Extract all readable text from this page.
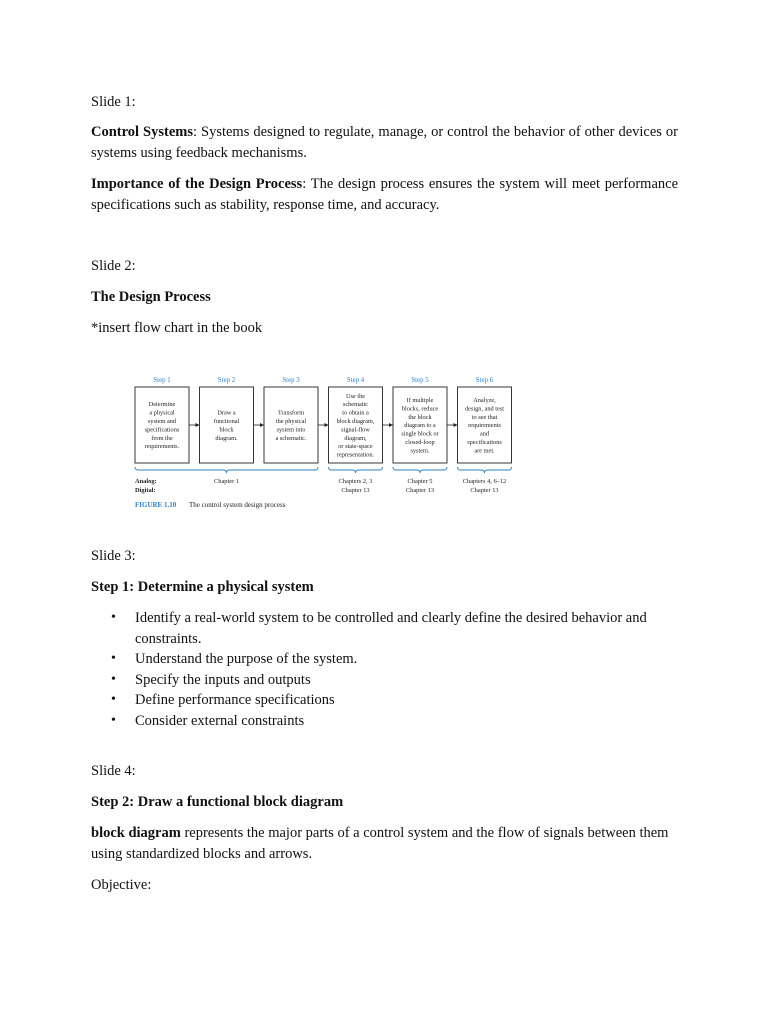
Slide 1:
Control Systems: Systems designed to regulate, manage, or control the behavior of other devices or systems using feedback mechanisms.
Importance of the Design Process: The design process ensures the system will meet performance specifications such as stability, response time, and accuracy.
Slide 2:
The Design Process
*insert flow chart in the book
Step 1
Determine
a physical
system and
specifications
from the
requirements.
Step 2
Draw a
functional
block
diagram.
Step 3
Transform
the physical
system into
a schematic.
Step 4
Use the
schematic
to obtain a
block diagram,
signal-flow
diagram,
or state-space
representation.
Step 5
If multiple
blocks, reduce
the block
diagram to a
single block or
closed-loop
system.
Step 6
Analyze,
design, and test
to see that
requirements
and
specifications
are met.
Chapter 1	Chapters 2, 3
Chapter 13
Chapter 5
Chapter 13
Chapters 4, 6–12
Chapter 13
Analog:
Digital:
FIGURE 1.10 The control system design process
Slide 3:
Step 1: Determine a physical system
• Identify a real-world system to be controlled and clearly define the desired behavior and constraints.
• Understand the purpose of the system.
• Specify the inputs and outputs
• Define performance specifications
• Consider external constraints
Slide 4:
Step 2: Draw a functional block diagram
block diagram represents the major parts of a control system and the flow of signals between them using standardized blocks and arrows.
Objective:
